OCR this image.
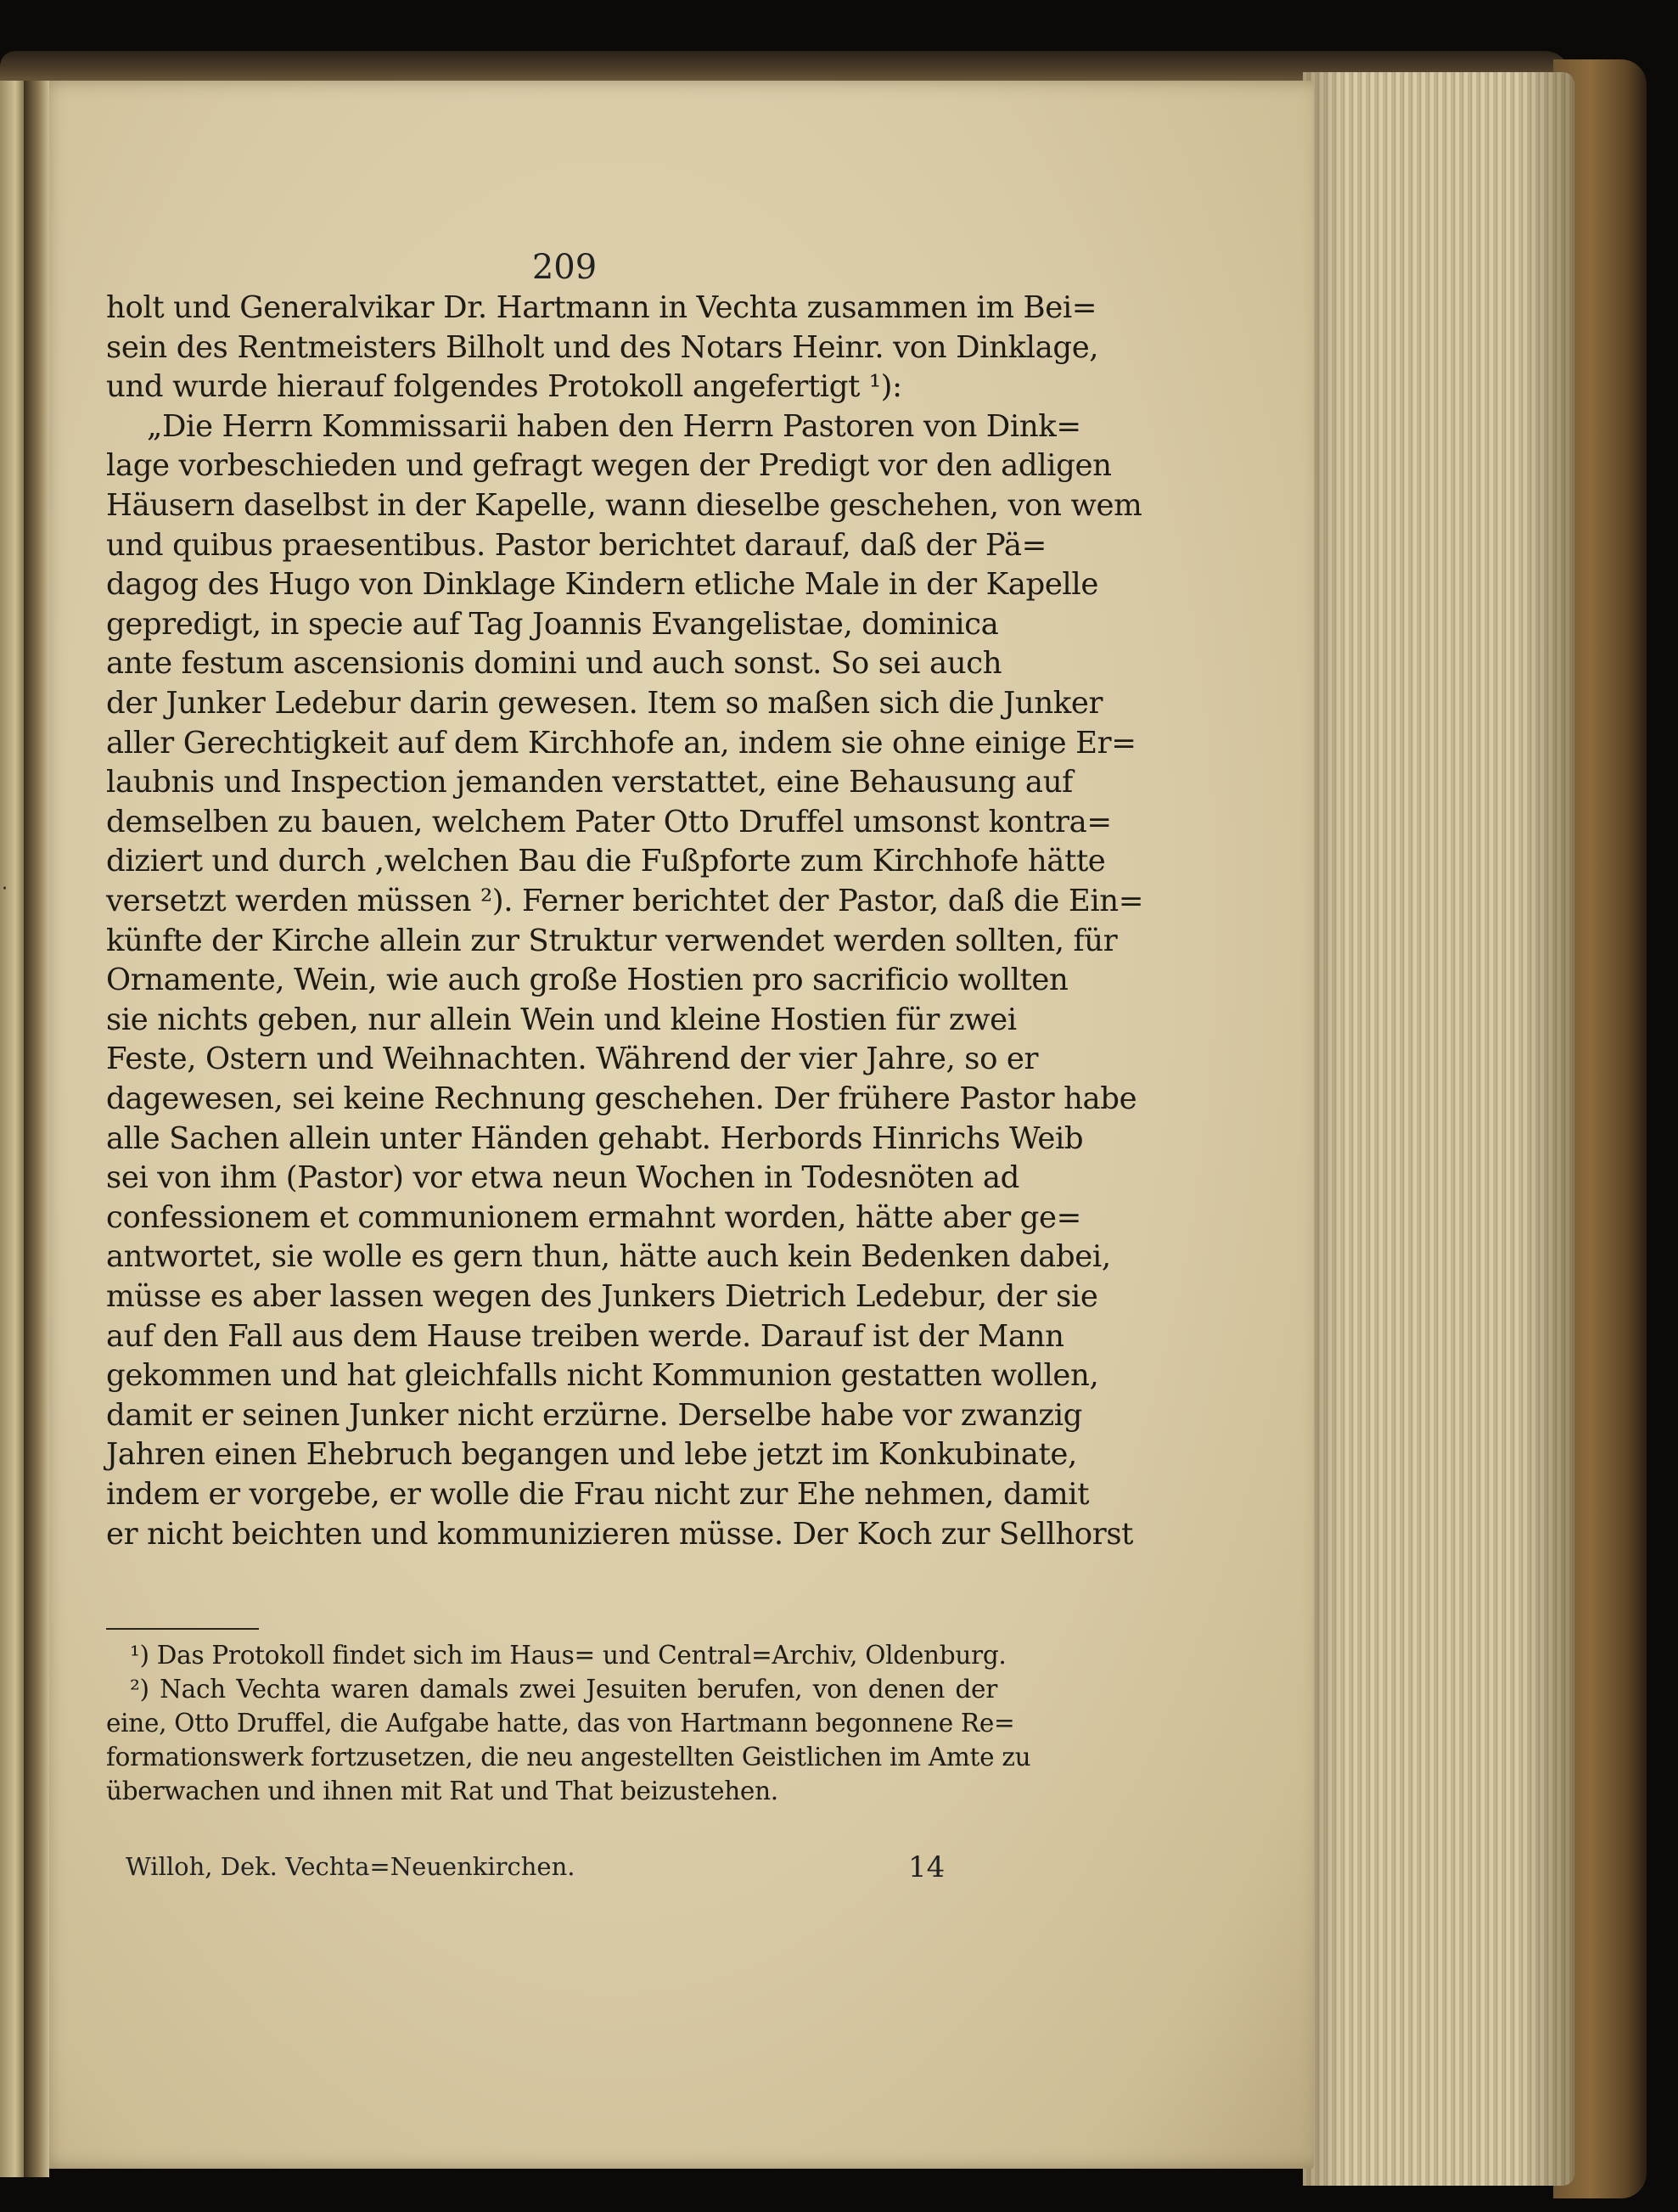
·
209
holt und Generalvikar Dr. Hartmann in Vechta zusammen im Bei=
sein des Rentmeisters Bilholt und des Notars Heinr. von Dinklage,
und wurde hierauf folgendes Protokoll angefertigt ¹):
„Die Herrn Kommissarii haben den Herrn Pastoren von Dink=
lage vorbeschieden und gefragt wegen der Predigt vor den adligen
Häusern daselbst in der Kapelle, wann dieselbe geschehen, von wem
und quibus praesentibus. Pastor berichtet darauf, daß der Pä=
dagog des Hugo von Dinklage Kindern etliche Male in der Kapelle
gepredigt, in specie auf Tag Joannis Evangelistae, dominica
ante festum ascensionis domini und auch sonst. So sei auch
der Junker Ledebur darin gewesen. Item so maßen sich die Junker
aller Gerechtigkeit auf dem Kirchhofe an, indem sie ohne einige Er=
laubnis und Inspection jemanden verstattet, eine Behausung auf
demselben zu bauen, welchem Pater Otto Druffel umsonst kontra=
diziert und durch ,welchen Bau die Fußpforte zum Kirchhofe hätte
versetzt werden müssen ²). Ferner berichtet der Pastor, daß die Ein=
künfte der Kirche allein zur Struktur verwendet werden sollten, für
Ornamente, Wein, wie auch große Hostien pro sacrificio wollten
sie nichts geben, nur allein Wein und kleine Hostien für zwei
Feste, Ostern und Weihnachten. Während der vier Jahre, so er
dagewesen, sei keine Rechnung geschehen. Der frühere Pastor habe
alle Sachen allein unter Händen gehabt. Herbords Hinrichs Weib
sei von ihm (Pastor) vor etwa neun Wochen in Todesnöten ad
confessionem et communionem ermahnt worden, hätte aber ge=
antwortet, sie wolle es gern thun, hätte auch kein Bedenken dabei,
müsse es aber lassen wegen des Junkers Dietrich Ledebur, der sie
auf den Fall aus dem Hause treiben werde. Darauf ist der Mann
gekommen und hat gleichfalls nicht Kommunion gestatten wollen,
damit er seinen Junker nicht erzürne. Derselbe habe vor zwanzig
Jahren einen Ehebruch begangen und lebe jetzt im Konkubinate,
indem er vorgebe, er wolle die Frau nicht zur Ehe nehmen, damit
er nicht beichten und kommunizieren müsse. Der Koch zur Sellhorst
¹) Das Protokoll findet sich im Haus= und Central=Archiv, Oldenburg.
²) Nach Vechta waren damals zwei Jesuiten berufen, von denen der
eine, Otto Druffel, die Aufgabe hatte, das von Hartmann begonnene Re=
formationswerk fortzusetzen, die neu angestellten Geistlichen im Amte zu
überwachen und ihnen mit Rat und That beizustehen.
Willoh, Dek. Vechta=Neuenkirchen.	14
